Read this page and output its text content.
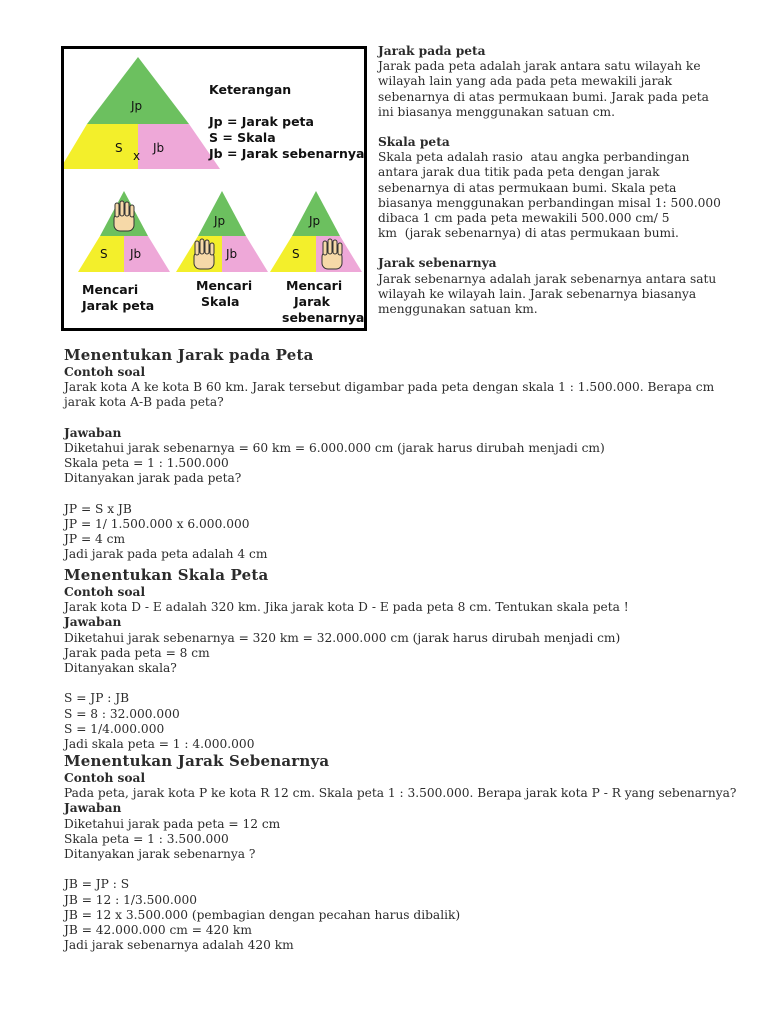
Jp
S
x
Jb
Keterangan
Jp = Jarak peta
S = Skala
Jb = Jarak sebenarnya
S Jb
Mencari
Jarak peta
Jp
Jb
Mencari
Skala
Jp
S
Mencari
Jarak
sebenarnya
Jarak pada peta
Jarak pada peta adalah jarak antara satu wilayah ke
wilayah lain yang ada pada peta mewakili jarak
sebenarnya di atas permukaan bumi. Jarak pada peta
ini biasanya menggunakan satuan cm.
Skala peta
Skala peta adalah rasio  atau angka perbandingan
antara jarak dua titik pada peta dengan jarak
sebenarnya di atas permukaan bumi. Skala peta
biasanya menggunakan perbandingan misal 1: 500.000
dibaca 1 cm pada peta mewakili 500.000 cm/ 5
km  (jarak sebenarnya) di atas permukaan bumi.
Jarak sebenarnya
Jarak sebenarnya adalah jarak sebenarnya antara satu
wilayah ke wilayah lain. Jarak sebenarnya biasanya
menggunakan satuan km.
Menentukan Jarak pada Peta
Contoh soal
Jarak kota A ke kota B 60 km. Jarak tersebut digambar pada peta dengan skala 1 : 1.500.000. Berapa cm
jarak kota A-B pada peta?
Jawaban
Diketahui jarak sebenarnya = 60 km = 6.000.000 cm (jarak harus dirubah menjadi cm)
Skala peta = 1 : 1.500.000
Ditanyakan jarak pada peta?
JP = S x JB
JP = 1/ 1.500.000 x 6.000.000
JP = 4 cm
Jadi jarak pada peta adalah 4 cm
Menentukan Skala Peta
Contoh soal
Jarak kota D - E adalah 320 km. Jika jarak kota D - E pada peta 8 cm. Tentukan skala peta !
Jawaban
Diketahui jarak sebenarnya = 320 km = 32.000.000 cm (jarak harus dirubah menjadi cm)
Jarak pada peta = 8 cm
Ditanyakan skala?
S = JP : JB
S = 8 : 32.000.000
S = 1/4.000.000
Jadi skala peta = 1 : 4.000.000
Menentukan Jarak Sebenarnya
Contoh soal
Pada peta, jarak kota P ke kota R 12 cm. Skala peta 1 : 3.500.000. Berapa jarak kota P - R yang sebenarnya?
Jawaban
Diketahui jarak pada peta = 12 cm
Skala peta = 1 : 3.500.000
Ditanyakan jarak sebenarnya ?
JB = JP : S
JB = 12 : 1/3.500.000
JB = 12 x 3.500.000 (pembagian dengan pecahan harus dibalik)
JB = 42.000.000 cm = 420 km
Jadi jarak sebenarnya adalah 420 km
